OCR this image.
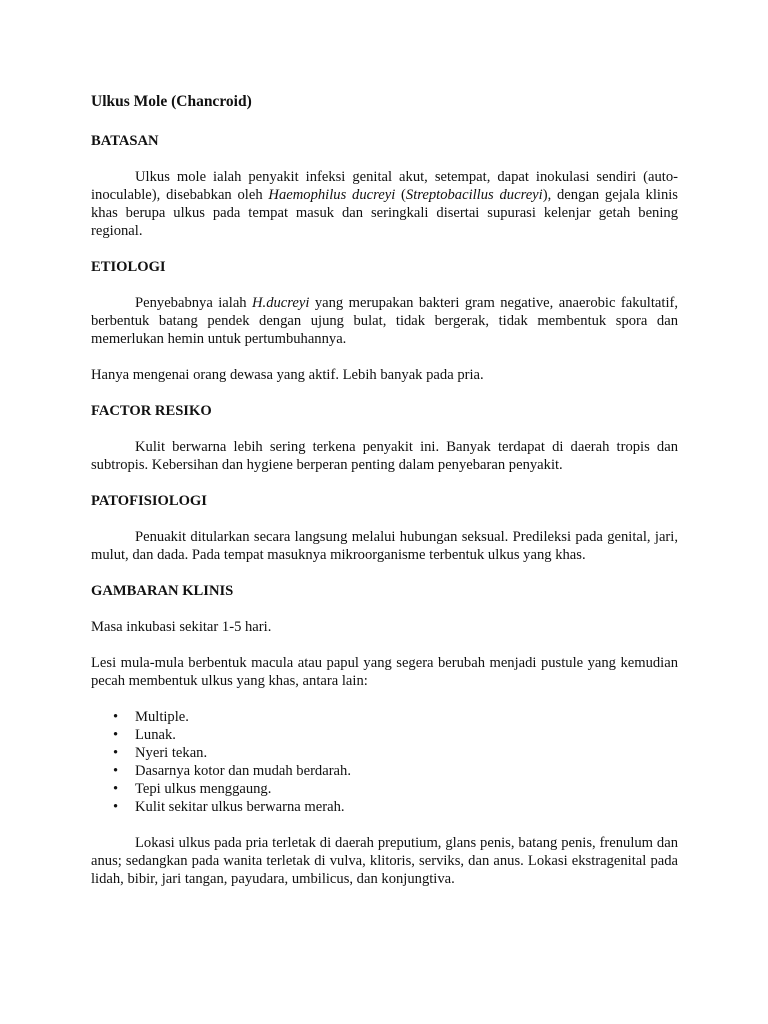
Ulkus Mole (Chancroid)
BATASAN

Ulkus mole ialah penyakit infeksi genital akut, setempat, dapat inokulasi sendiri (auto-inoculable), disebabkan oleh Haemophilus ducreyi (Streptobacillus ducreyi), dengan gejala klinis khas berupa ulkus pada tempat masuk dan seringkali disertai supurasi kelenjar getah bening regional.

ETIOLOGI

Penyebabnya ialah H.ducreyi yang merupakan bakteri gram negative, anaerobic fakultatif, berbentuk batang pendek dengan ujung bulat, tidak bergerak, tidak membentuk spora dan memerlukan hemin untuk pertumbuhannya.

Hanya mengenai orang dewasa yang aktif. Lebih banyak pada pria.

FACTOR RESIKO

Kulit berwarna lebih sering terkena penyakit ini. Banyak terdapat di daerah tropis dan subtropis. Kebersihan dan hygiene berperan penting dalam penyebaran penyakit.

PATOFISIOLOGI

Penuakit ditularkan secara langsung melalui hubungan seksual. Predileksi pada genital, jari, mulut, dan dada. Pada tempat masuknya mikroorganisme terbentuk ulkus yang khas.

GAMBARAN KLINIS

Masa inkubasi sekitar 1-5 hari.

Lesi mula-mula berbentuk macula atau papul yang segera berubah menjadi pustule yang kemudian pecah membentuk ulkus yang khas, antara lain:

• Multiple.
• Lunak.
• Nyeri tekan.
• Dasarnya kotor dan mudah berdarah.
• Tepi ulkus menggaung.
• Kulit sekitar ulkus berwarna merah.

Lokasi ulkus pada pria terletak di daerah preputium, glans penis, batang penis, frenulum dan anus; sedangkan pada wanita terletak di vulva, klitoris, serviks, dan anus. Lokasi ekstragenital pada lidah, bibir, jari tangan, payudara, umbilicus, dan konjungtiva.
